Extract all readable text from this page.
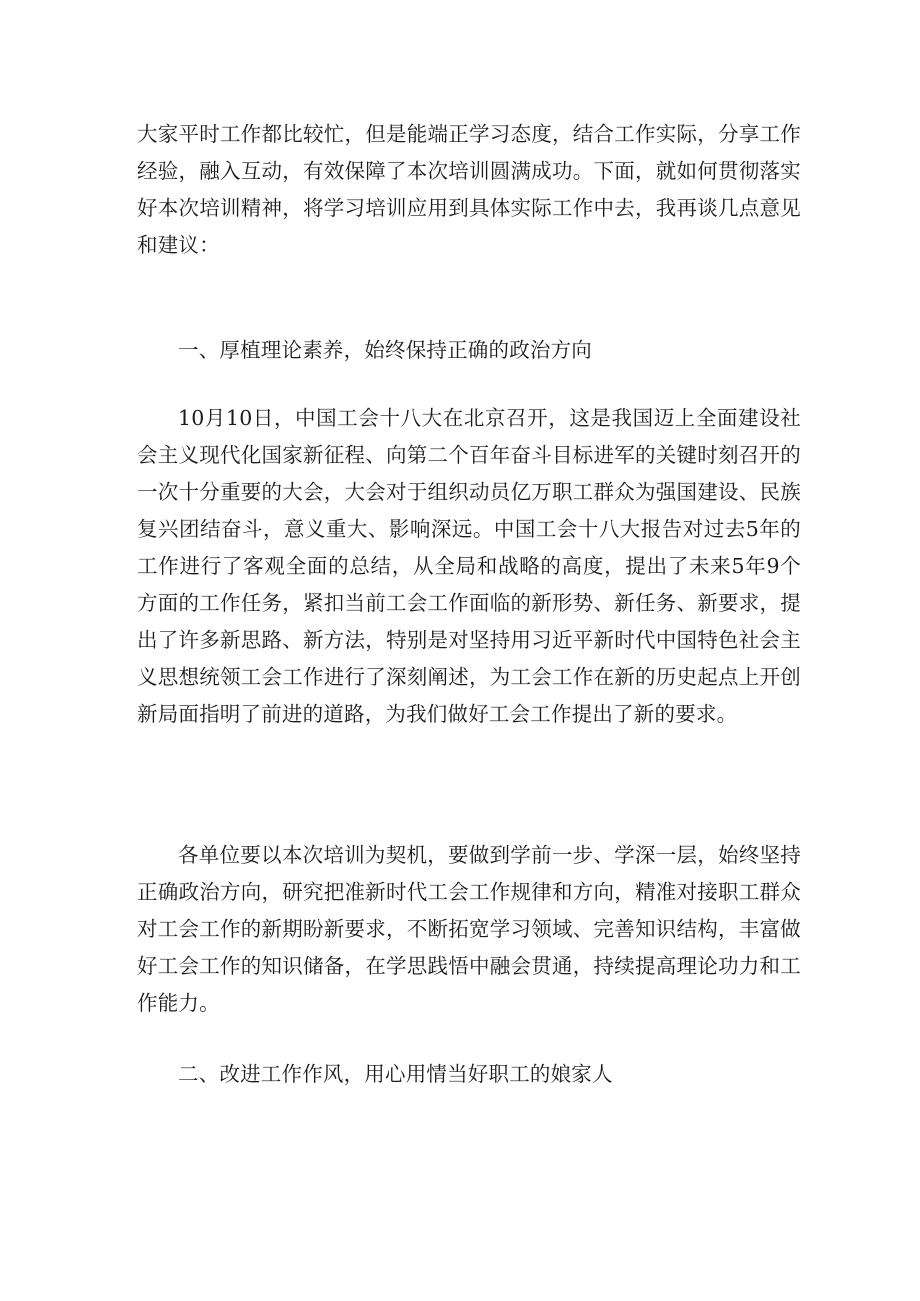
大家平时工作都比较忙，但是能端正学习态度，结合工作实际，分享工作经验，融入互动，有效保障了本次培训圆满成功。下面，就如何贯彻落实好本次培训精神，将学习培训应用到具体实际工作中去，我再谈几点意见和建议：

一、厚植理论素养，始终保持正确的政治方向

10月10日，中国工会十八大在北京召开，这是我国迈上全面建设社会主义现代化国家新征程、向第二个百年奋斗目标进军的关键时刻召开的一次十分重要的大会，大会对于组织动员亿万职工群众为强国建设、民族复兴团结奋斗，意义重大、影响深远。中国工会十八大报告对过去5年的工作进行了客观全面的总结，从全局和战略的高度，提出了未来5年9个方面的工作任务，紧扣当前工会工作面临的新形势、新任务、新要求，提出了许多新思路、新方法，特别是对坚持用习近平新时代中国特色社会主义思想统领工会工作进行了深刻阐述，为工会工作在新的历史起点上开创新局面指明了前进的道路，为我们做好工会工作提出了新的要求。

各单位要以本次培训为契机，要做到学前一步、学深一层，始终坚持正确政治方向，研究把准新时代工会工作规律和方向，精准对接职工群众对工会工作的新期盼新要求，不断拓宽学习领域、完善知识结构，丰富做好工会工作的知识储备，在学思践悟中融会贯通，持续提高理论功力和工作能力。

二、改进工作作风，用心用情当好职工的娘家人
